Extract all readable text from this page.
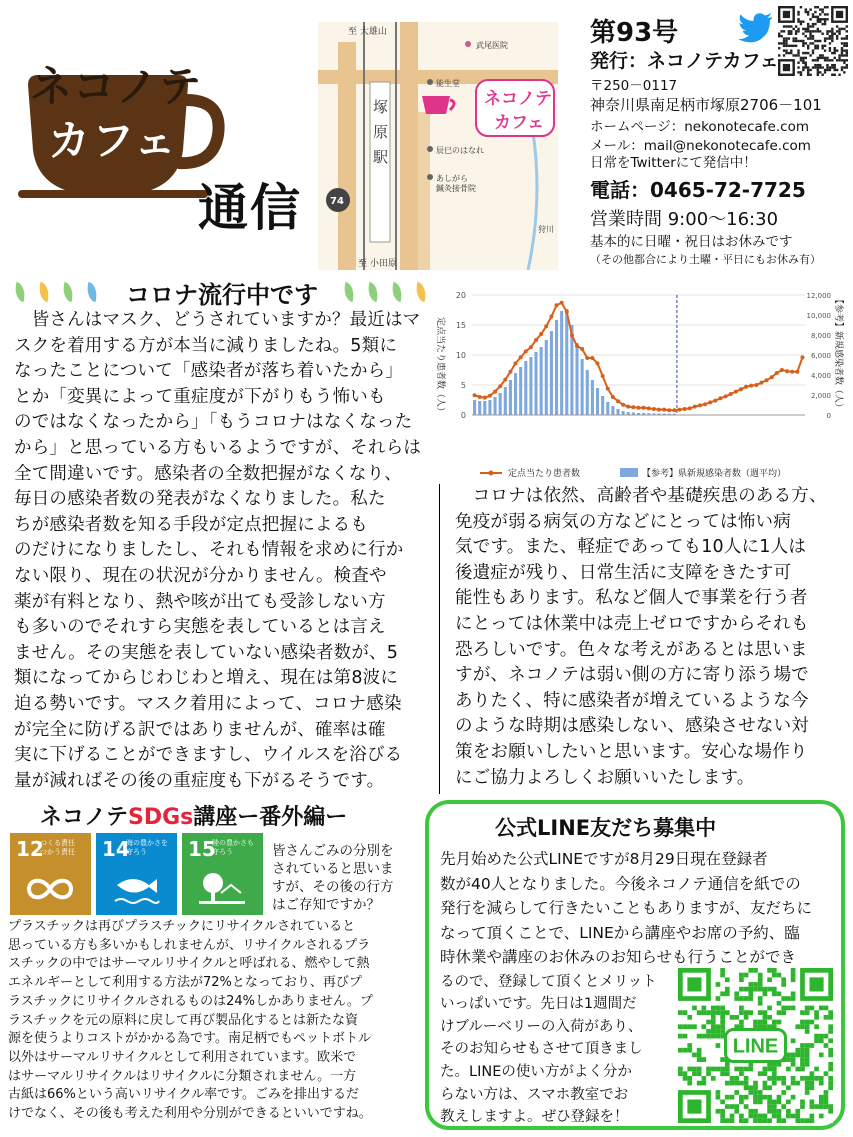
ネコノテ
カフェ
通信
至 大雄山
至 小田原
塚
原
駅
74
狩川
武尾医院
能生堂
辰巳のはなれ
あしがら
鍼灸接骨院
ネコノテ
カフェ
第93号
発行：ネコノテカフェ
〒250－0117
神奈川県南足柄市塚原2706－101
ホームページ：nekonotecafe.com
メール：mail@nekonotecafe.com
日常をTwitterにて発信中！
電話：0465-72-7725
営業時間 9:00〜16:30
基本的に日曜・祝日はお休みです
（その他都合により土曜・平日にもお休み有）
コロナ流行中です
　皆さんはマスク、どうされていますか？最近はマ
スクを着用する方が本当に減りましたね。5類に
なったことについて「感染者が落ち着いたから」
とか「変異によって重症度が下がりもう怖いも
のではなくなったから」「もうコロナはなくなった
から」と思っている方もいるようですが、それらは
全て間違いです。感染者の全数把握がなくなり、
毎日の感染者数の発表がなくなりました。私た
ちが感染者数を知る手段が定点把握によるも
のだけになりましたし、それも情報を求めに行か
ない限り、現在の状況が分かりません。検査や
薬が有料となり、熱や咳が出ても受診しない方
も多いのでそれすら実態を表しているとは言え
ません。その実態を表していない感染者数が、5
類になってからじわじわと増え、現在は第8波に
迫る勢いです。マスク着用によって、コロナ感染
が完全に防げる訳ではありませんが、確率は確
実に下げることができますし、ウイルスを浴びる
量が減ればその後の重症度も下がるそうです。
　コロナは依然、高齢者や基礎疾患のある方、
免疫が弱る病気の方などにとっては怖い病
気です。また、軽症であっても10人に1人は
後遺症が残り、日常生活に支障をきたす可
能性もあります。私など個人で事業を行う者
にとっては休業中は売上ゼロですからそれも
恐ろしいです。色々な考えがあるとは思いま
すが、ネコノテは弱い側の方に寄り添う場で
ありたく、特に感染者が増えているような今
のような時期は感染しない、感染させない対
策をお願いしたいと思います。安心な場作り
にご協力よろしくお願いいたします。
0
5
10
15
20
0
2,000
4,000
6,000
8,000
10,000
12,000
定点当たり患者数（人）	【参考】新規感染者数（人）
定点当たり患者数	【参考】県新規感染者数（週平均）
ネコノテSDGs講座ー番外編ー
12
つくる責任
つかう責任 14
海の豊かさを
守ろう	15
陸の豊かさも
守ろう	皆さんごみの分別を
されていると思いま
すが、その後の行方
はご存知ですか？
プラスチックは再びプラスチックにリサイクルされていると
思っている方も多いかもしれませんが、リサイクルされるプラ
スチックの中ではサーマルリサイクルと呼ばれる、燃やして熱
エネルギーとして利用する方法が72%となっており、再びプ
ラスチックにリサイクルされるものは24%しかありません。プ
ラスチックを元の原料に戻して再び製品化するとは新たな資
源を使うよりコストがかかる為です。南足柄でもペットボトル
以外はサーマルリサイクルとして利用されています。欧米で
はサーマルリサイクルはリサイクルに分類されません。一方
古紙は66%という高いリサイクル率です。ごみを排出するだ
けでなく、その後も考えた利用や分別ができるといいですね。
公式LINE友だち募集中
先月始めた公式LINEですが8月29日現在登録者
数が40人となりました。今後ネコノテ通信を紙での
発行を減らして行きたいこともありますが、友だちに
なって頂くことで、LINEから講座やお席の予約、臨
時休業や講座のお休みのお知らせも行うことができ
るので、登録して頂くとメリット
いっぱいです。先日は1週間だ
けブルーベリーの入荷があり、
そのお知らせもさせて頂きまし
た。LINEの使い方がよく分か
らない方は、スマホ教室でお
教えしますよ。ぜひ登録を！
LINE
